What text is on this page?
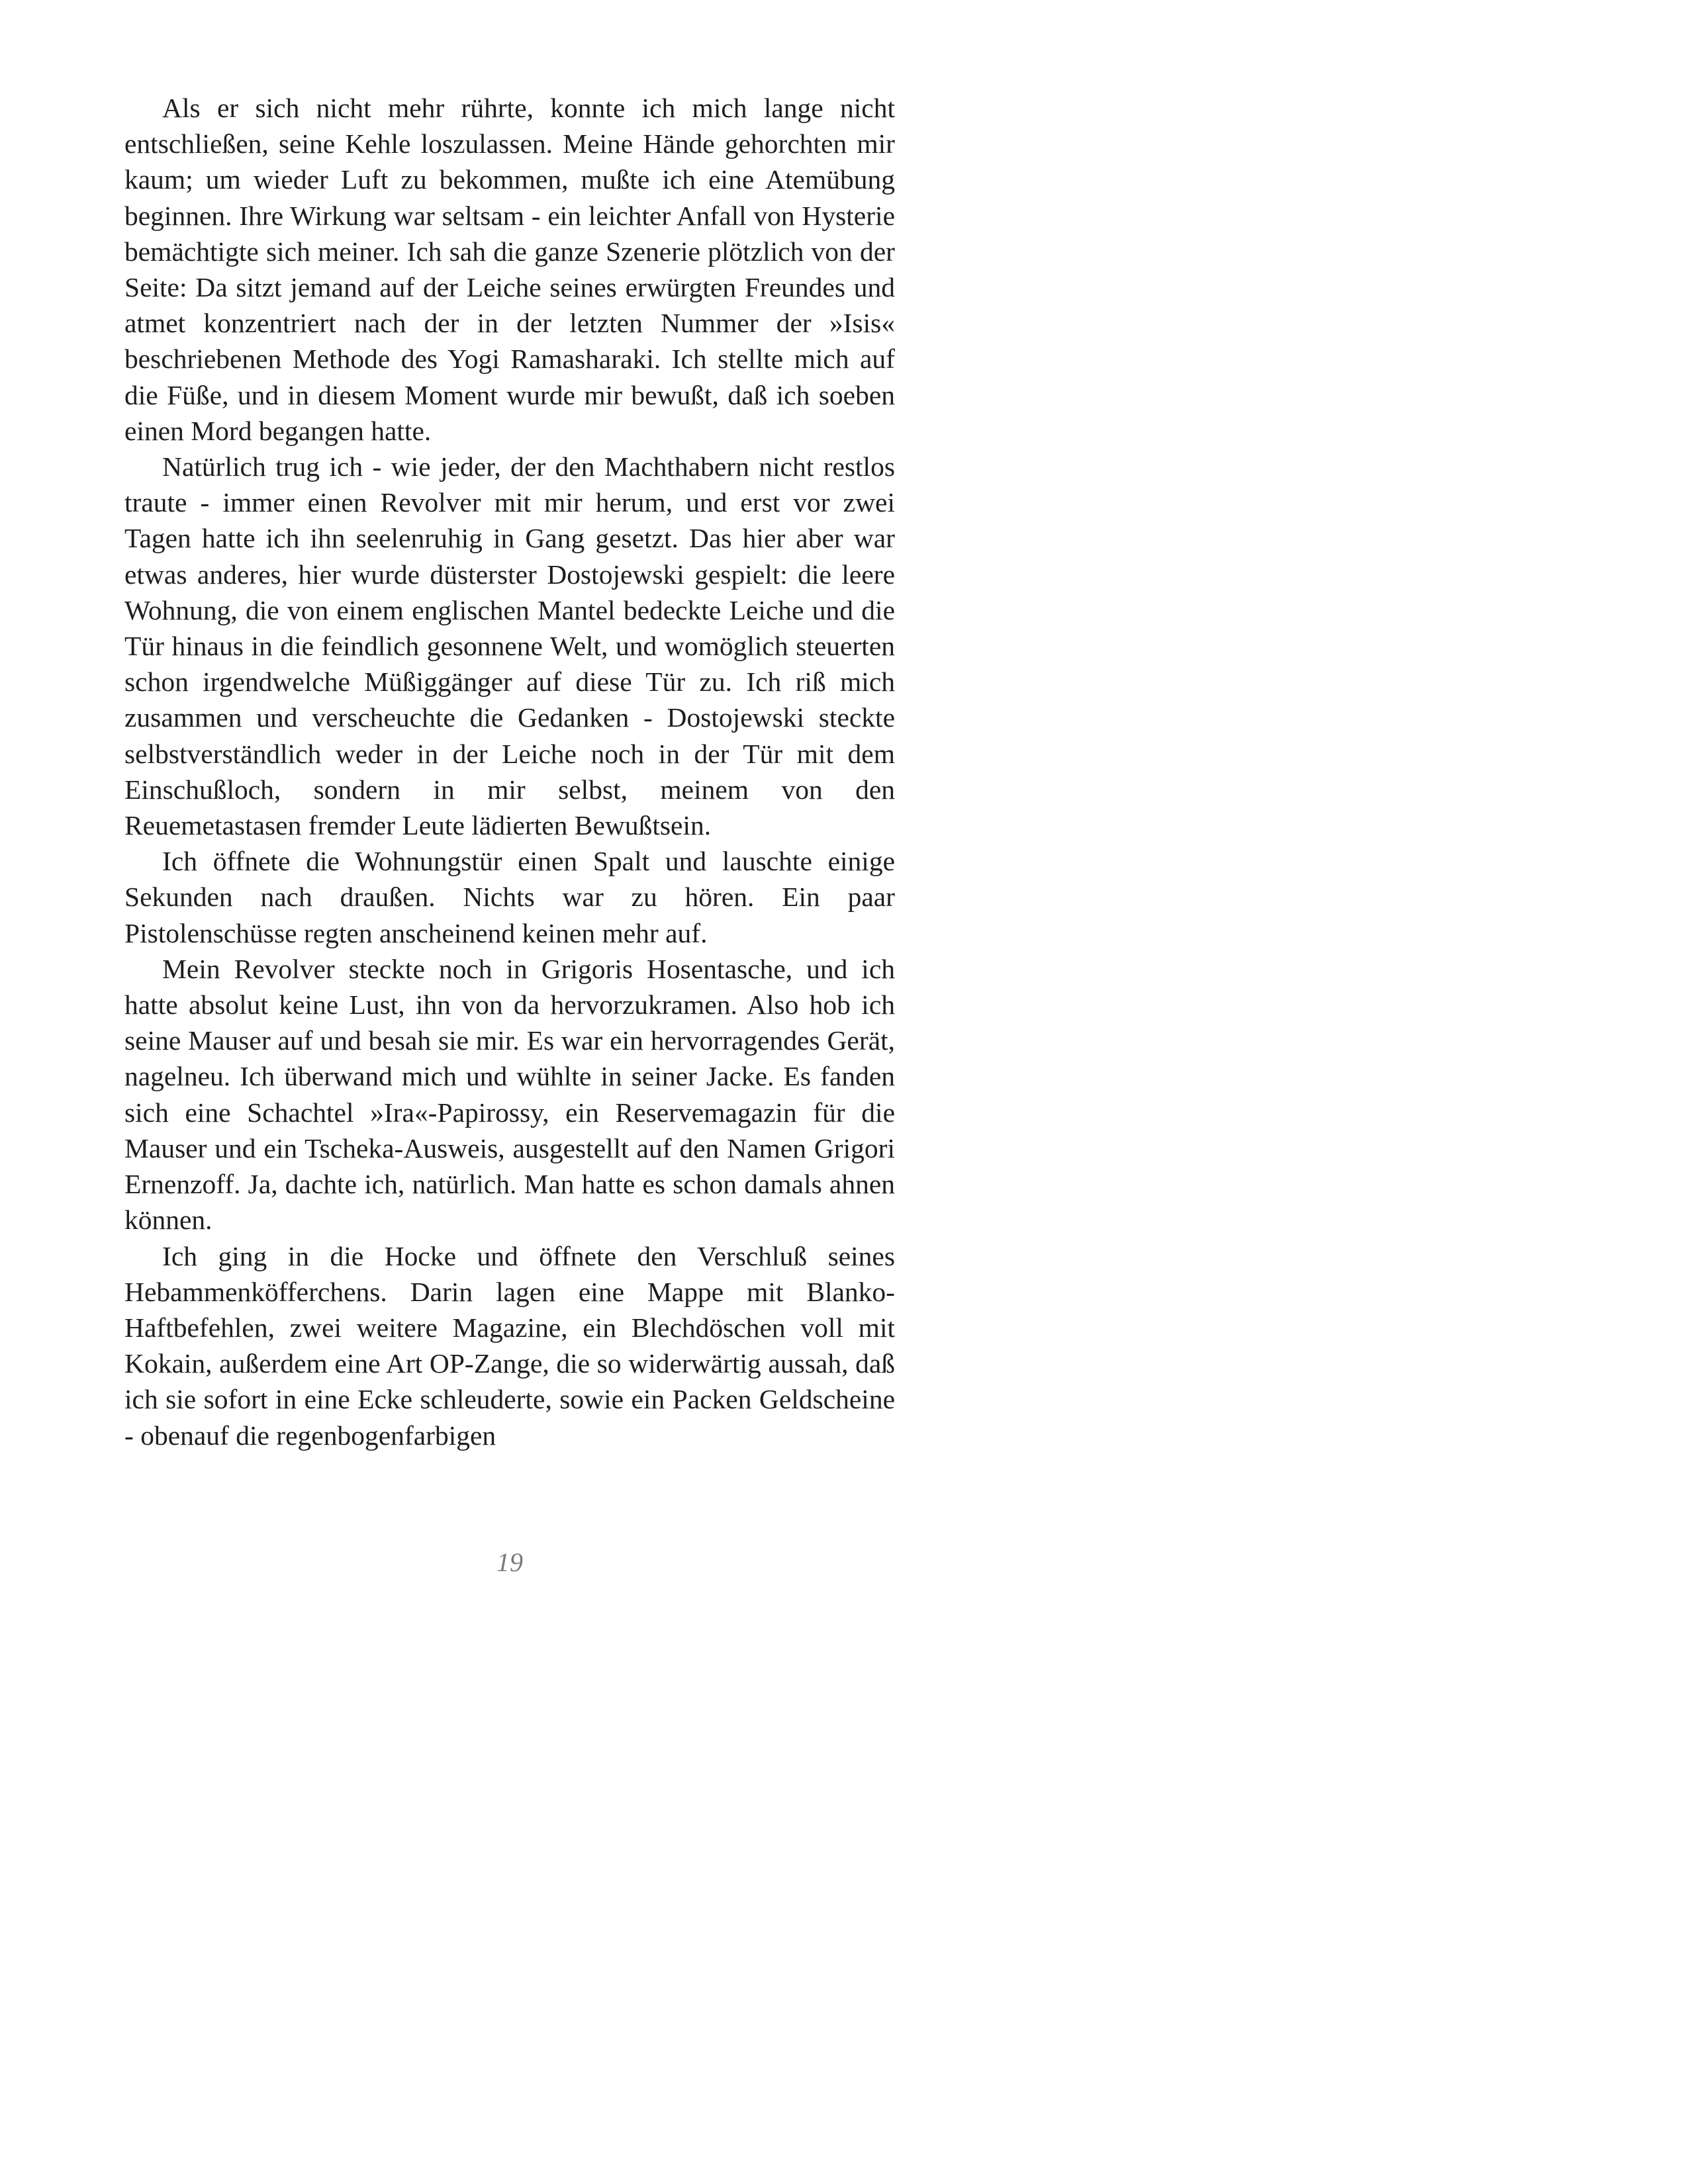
Als er sich nicht mehr rührte, konnte ich mich lange nicht entschließen, seine Kehle loszulassen. Meine Hände gehorchten mir kaum; um wieder Luft zu bekommen, mußte ich eine Atemübung beginnen. Ihre Wirkung war seltsam - ein leichter Anfall von Hysterie bemächtigte sich meiner. Ich sah die ganze Szenerie plötzlich von der Seite: Da sitzt jemand auf der Leiche seines erwürgten Freundes und atmet konzentriert nach der in der letzten Nummer der »Isis« beschriebenen Methode des Yogi Ramasharaki. Ich stellte mich auf die Füße, und in diesem Moment wurde mir bewußt, daß ich soeben einen Mord begangen hatte.

Natürlich trug ich - wie jeder, der den Machthabern nicht restlos traute - immer einen Revolver mit mir herum, und erst vor zwei Tagen hatte ich ihn seelenruhig in Gang gesetzt. Das hier aber war etwas anderes, hier wurde düsterster Dostojewski gespielt: die leere Wohnung, die von einem englischen Mantel bedeckte Leiche und die Tür hinaus in die feindlich gesonnene Welt, und womöglich steuerten schon irgendwelche Müßiggänger auf diese Tür zu. Ich riß mich zusammen und verscheuchte die Gedanken - Dostojewski steckte selbstverständlich weder in der Leiche noch in der Tür mit dem Einschußloch, sondern in mir selbst, meinem von den Reuemetastasen fremder Leute lädierten Bewußtsein.

Ich öffnete die Wohnungstür einen Spalt und lauschte einige Sekunden nach draußen. Nichts war zu hören. Ein paar Pistolenschüsse regten anscheinend keinen mehr auf.

Mein Revolver steckte noch in Grigoris Hosentasche, und ich hatte absolut keine Lust, ihn von da hervorzukramen. Also hob ich seine Mauser auf und besah sie mir. Es war ein hervorragendes Gerät, nagelneu. Ich überwand mich und wühlte in seiner Jacke. Es fanden sich eine Schachtel »Ira«-Papirossy, ein Reservemagazin für die Mauser und ein Tscheka-Ausweis, ausgestellt auf den Namen Grigori Ernenzoff. Ja, dachte ich, natürlich. Man hatte es schon damals ahnen können.

Ich ging in die Hocke und öffnete den Verschluß seines Hebammenköfferchens. Darin lagen eine Mappe mit Blanko-Haftbefehlen, zwei weitere Magazine, ein Blechdöschen voll mit Kokain, außerdem eine Art OP-Zange, die so widerwärtig aussah, daß ich sie sofort in eine Ecke schleuderte, sowie ein Packen Geldscheine - obenauf die regenbogenfarbigen

19
